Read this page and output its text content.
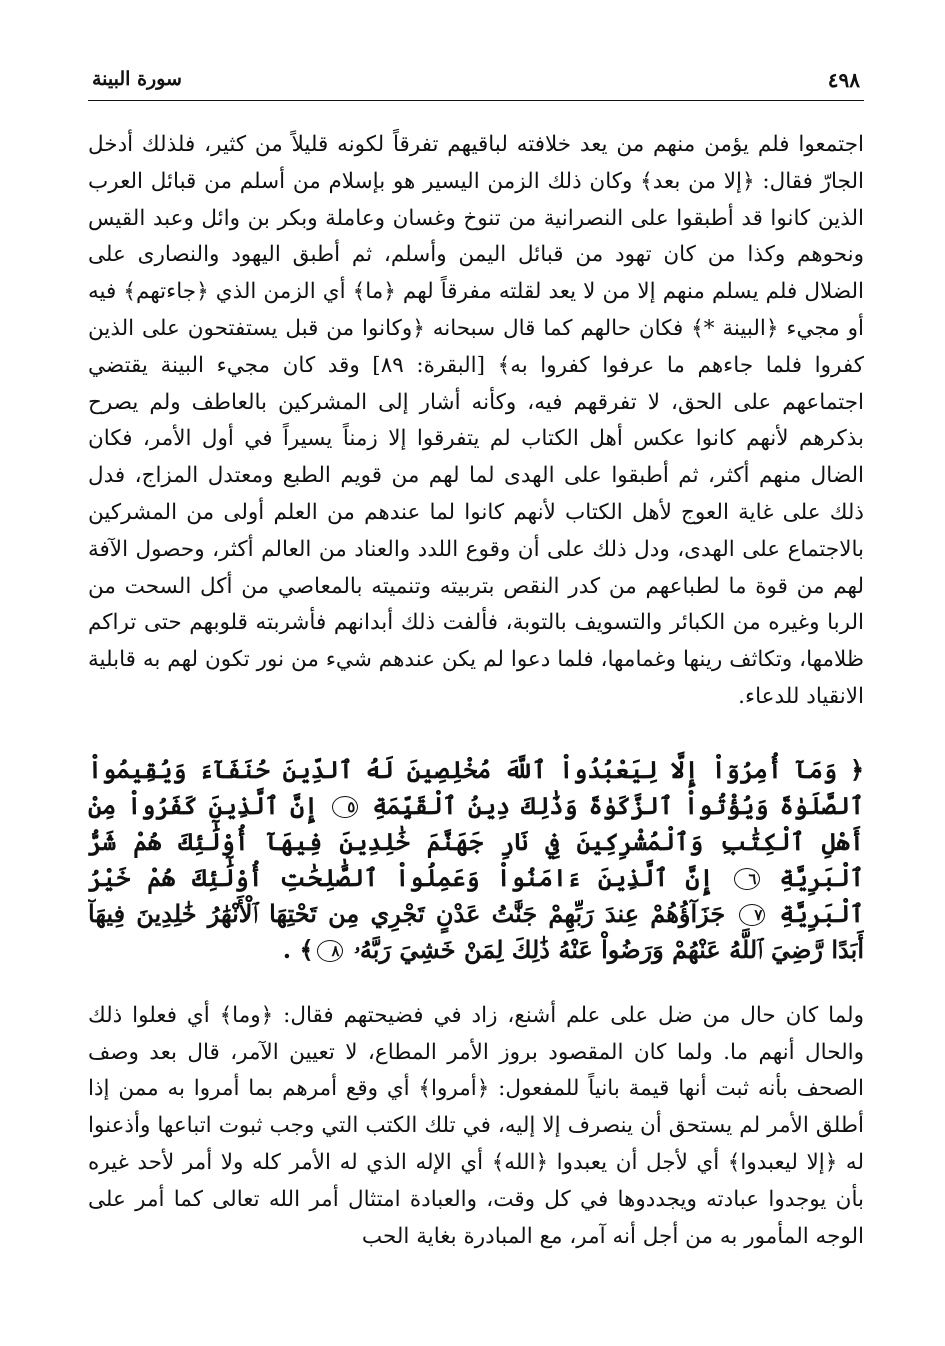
٤٩٨
سورة البينة

اجتمعوا فلم يؤمن منهم من يعد خلافته لباقيهم تفرقاً لكونه قليلاً من كثير، فلذلك أدخل الجارّ فقال: ﴿إلا من بعد﴾ وكان ذلك الزمن اليسير هو بإسلام من أسلم من قبائل العرب الذين كانوا قد أطبقوا على النصرانية من تنوخ وغسان وعاملة وبكر بن وائل وعبد القيس ونحوهم وكذا من كان تهود من قبائل اليمن وأسلم، ثم أطبق اليهود والنصارى على الضلال فلم يسلم منهم إلا من لا يعد لقلته مفرقاً لهم ﴿ما﴾ أي الزمن الذي ﴿جاءتهم﴾ فيه أو مجيء ﴿البينة *﴾ فكان حالهم كما قال سبحانه ﴿وكانوا من قبل يستفتحون على الذين كفروا فلما جاءهم ما عرفوا كفروا به﴾ [البقرة: ٨٩] وقد كان مجيء البينة يقتضي اجتماعهم على الحق، لا تفرقهم فيه، وكأنه أشار إلى المشركين بالعاطف ولم يصرح بذكرهم لأنهم كانوا عكس أهل الكتاب لم يتفرقوا إلا زمناً يسيراً في أول الأمر، فكان الضال منهم أكثر، ثم أطبقوا على الهدى لما لهم من قويم الطبع ومعتدل المزاج، فدل ذلك على غاية العوج لأهل الكتاب لأنهم كانوا لما عندهم من العلم أولى من المشركين بالاجتماع على الهدى، ودل ذلك على أن وقوع اللدد والعناد من العالم أكثر، وحصول الآفة لهم من قوة ما لطباعهم من كدر النقص بتربيته وتنميته بالمعاصي من أكل السحت من الربا وغيره من الكبائر والتسويف بالتوبة، فألفت ذلك أبدانهم فأشربته قلوبهم حتى تراكم ظلامها، وتكاثف رينها وغمامها، فلما دعوا لم يكن عندهم شيء من نور تكون لهم به قابلية الانقياد للدعاء.

﴿ وَمَآ أُمِرُوٓاْ إِلَّا لِيَعْبُدُواْ ٱللَّهَ مُخْلِصِينَ لَهُ ٱلدِّينَ حُنَفَآءَ وَيُقِيمُواْ ٱلصَّلَوٰةَ وَيُؤْتُواْ ٱلزَّكَوٰةَ وَذَٰلِكَ دِينُ ٱلْقَيِّمَةِ ٥ إِنَّ ٱلَّذِينَ كَفَرُواْ مِنْ أَهْلِ ٱلْكِتَٰبِ وَٱلْمُشْرِكِينَ فِي نَارِ جَهَنَّمَ خَٰلِدِينَ فِيهَآ أُوْلَٰٓئِكَ هُمْ شَرُّ ٱلْبَرِيَّةِ ٦ إِنَّ ٱلَّذِينَ ءَامَنُواْ وَعَمِلُواْ ٱلصَّٰلِحَٰتِ أُوْلَٰٓئِكَ هُمْ خَيْرُ ٱلْبَرِيَّةِ ٧ جَزَآؤُهُمْ عِندَ رَبِّهِمْ جَنَّٰتُ عَدْنٍ تَجْرِي مِن تَحْتِهَا ٱلْأَنْهَٰرُ خَٰلِدِينَ فِيهَآ أَبَدًا رَّضِيَ ٱللَّهُ عَنْهُمْ وَرَضُواْ عَنْهُ ذَٰلِكَ لِمَنْ خَشِيَ رَبَّهُۥ ٨﴾ .

ولما كان حال من ضل على علم أشنع، زاد في فضيحتهم فقال: ﴿وما﴾ أي فعلوا ذلك والحال أنهم ما. ولما كان المقصود بروز الأمر المطاع، لا تعيين الآمر، قال بعد وصف الصحف بأنه ثبت أنها قيمة بانياً للمفعول: ﴿أمروا﴾ أي وقع أمرهم بما أمروا به ممن إذا أطلق الأمر لم يستحق أن ينصرف إلا إليه، في تلك الكتب التي وجب ثبوت اتباعها وأذعنوا له ﴿إلا ليعبدوا﴾ أي لأجل أن يعبدوا ﴿الله﴾ أي الإله الذي له الأمر كله ولا أمر لأحد غيره بأن يوجدوا عبادته ويجددوها في كل وقت، والعبادة امتثال أمر الله تعالى كما أمر على الوجه المأمور به من أجل أنه آمر، مع المبادرة بغاية الحب
